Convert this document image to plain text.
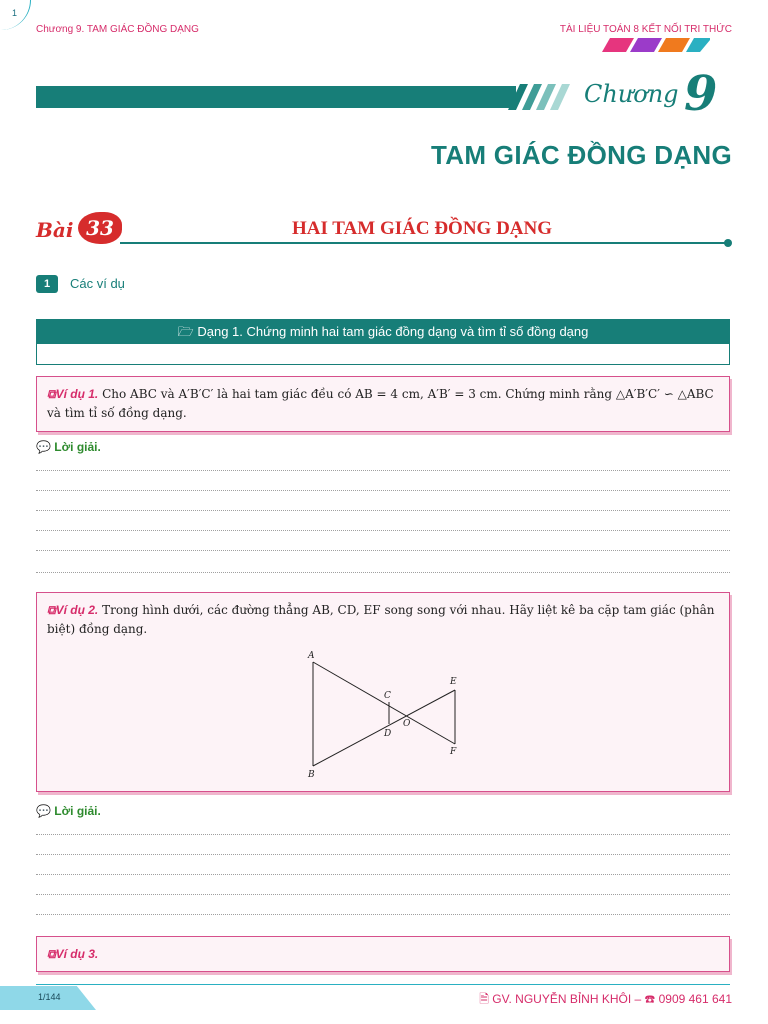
1
Chương 9. TAM GIÁC ĐỒNG DẠNG	TÀI LIỆU TOÁN 8 KẾT NỐI TRI THỨC
Chương 9
TAM GIÁC ĐỒNG DẠNG
Bài 33	HAI TAM GIÁC ĐỒNG DẠNG
1	Các ví dụ
🗁 Dạng 1. Chứng minh hai tam giác đồng dạng và tìm tỉ số đồng dạng
⧉Ví dụ 1. Cho ABC và A′B′C′ là hai tam giác đều có AB = 4 cm, A′B′ = 3 cm. Chứng minh rằng △A′B′C′ ∽ △ABC và tìm tỉ số đồng dạng.
💬 Lời giải.
⧉Ví dụ 2. Trong hình dưới, các đường thẳng AB, CD, EF song song với nhau. Hãy liệt kê ba cặp tam giác (phân biệt) đồng dạng.
A
B
C
D
O
E
F
💬 Lời giải.
⧉Ví dụ 3.
1/144	🗎 GV. NGUYỄN BỈNH KHÔI – ☎ 0909 461 641
